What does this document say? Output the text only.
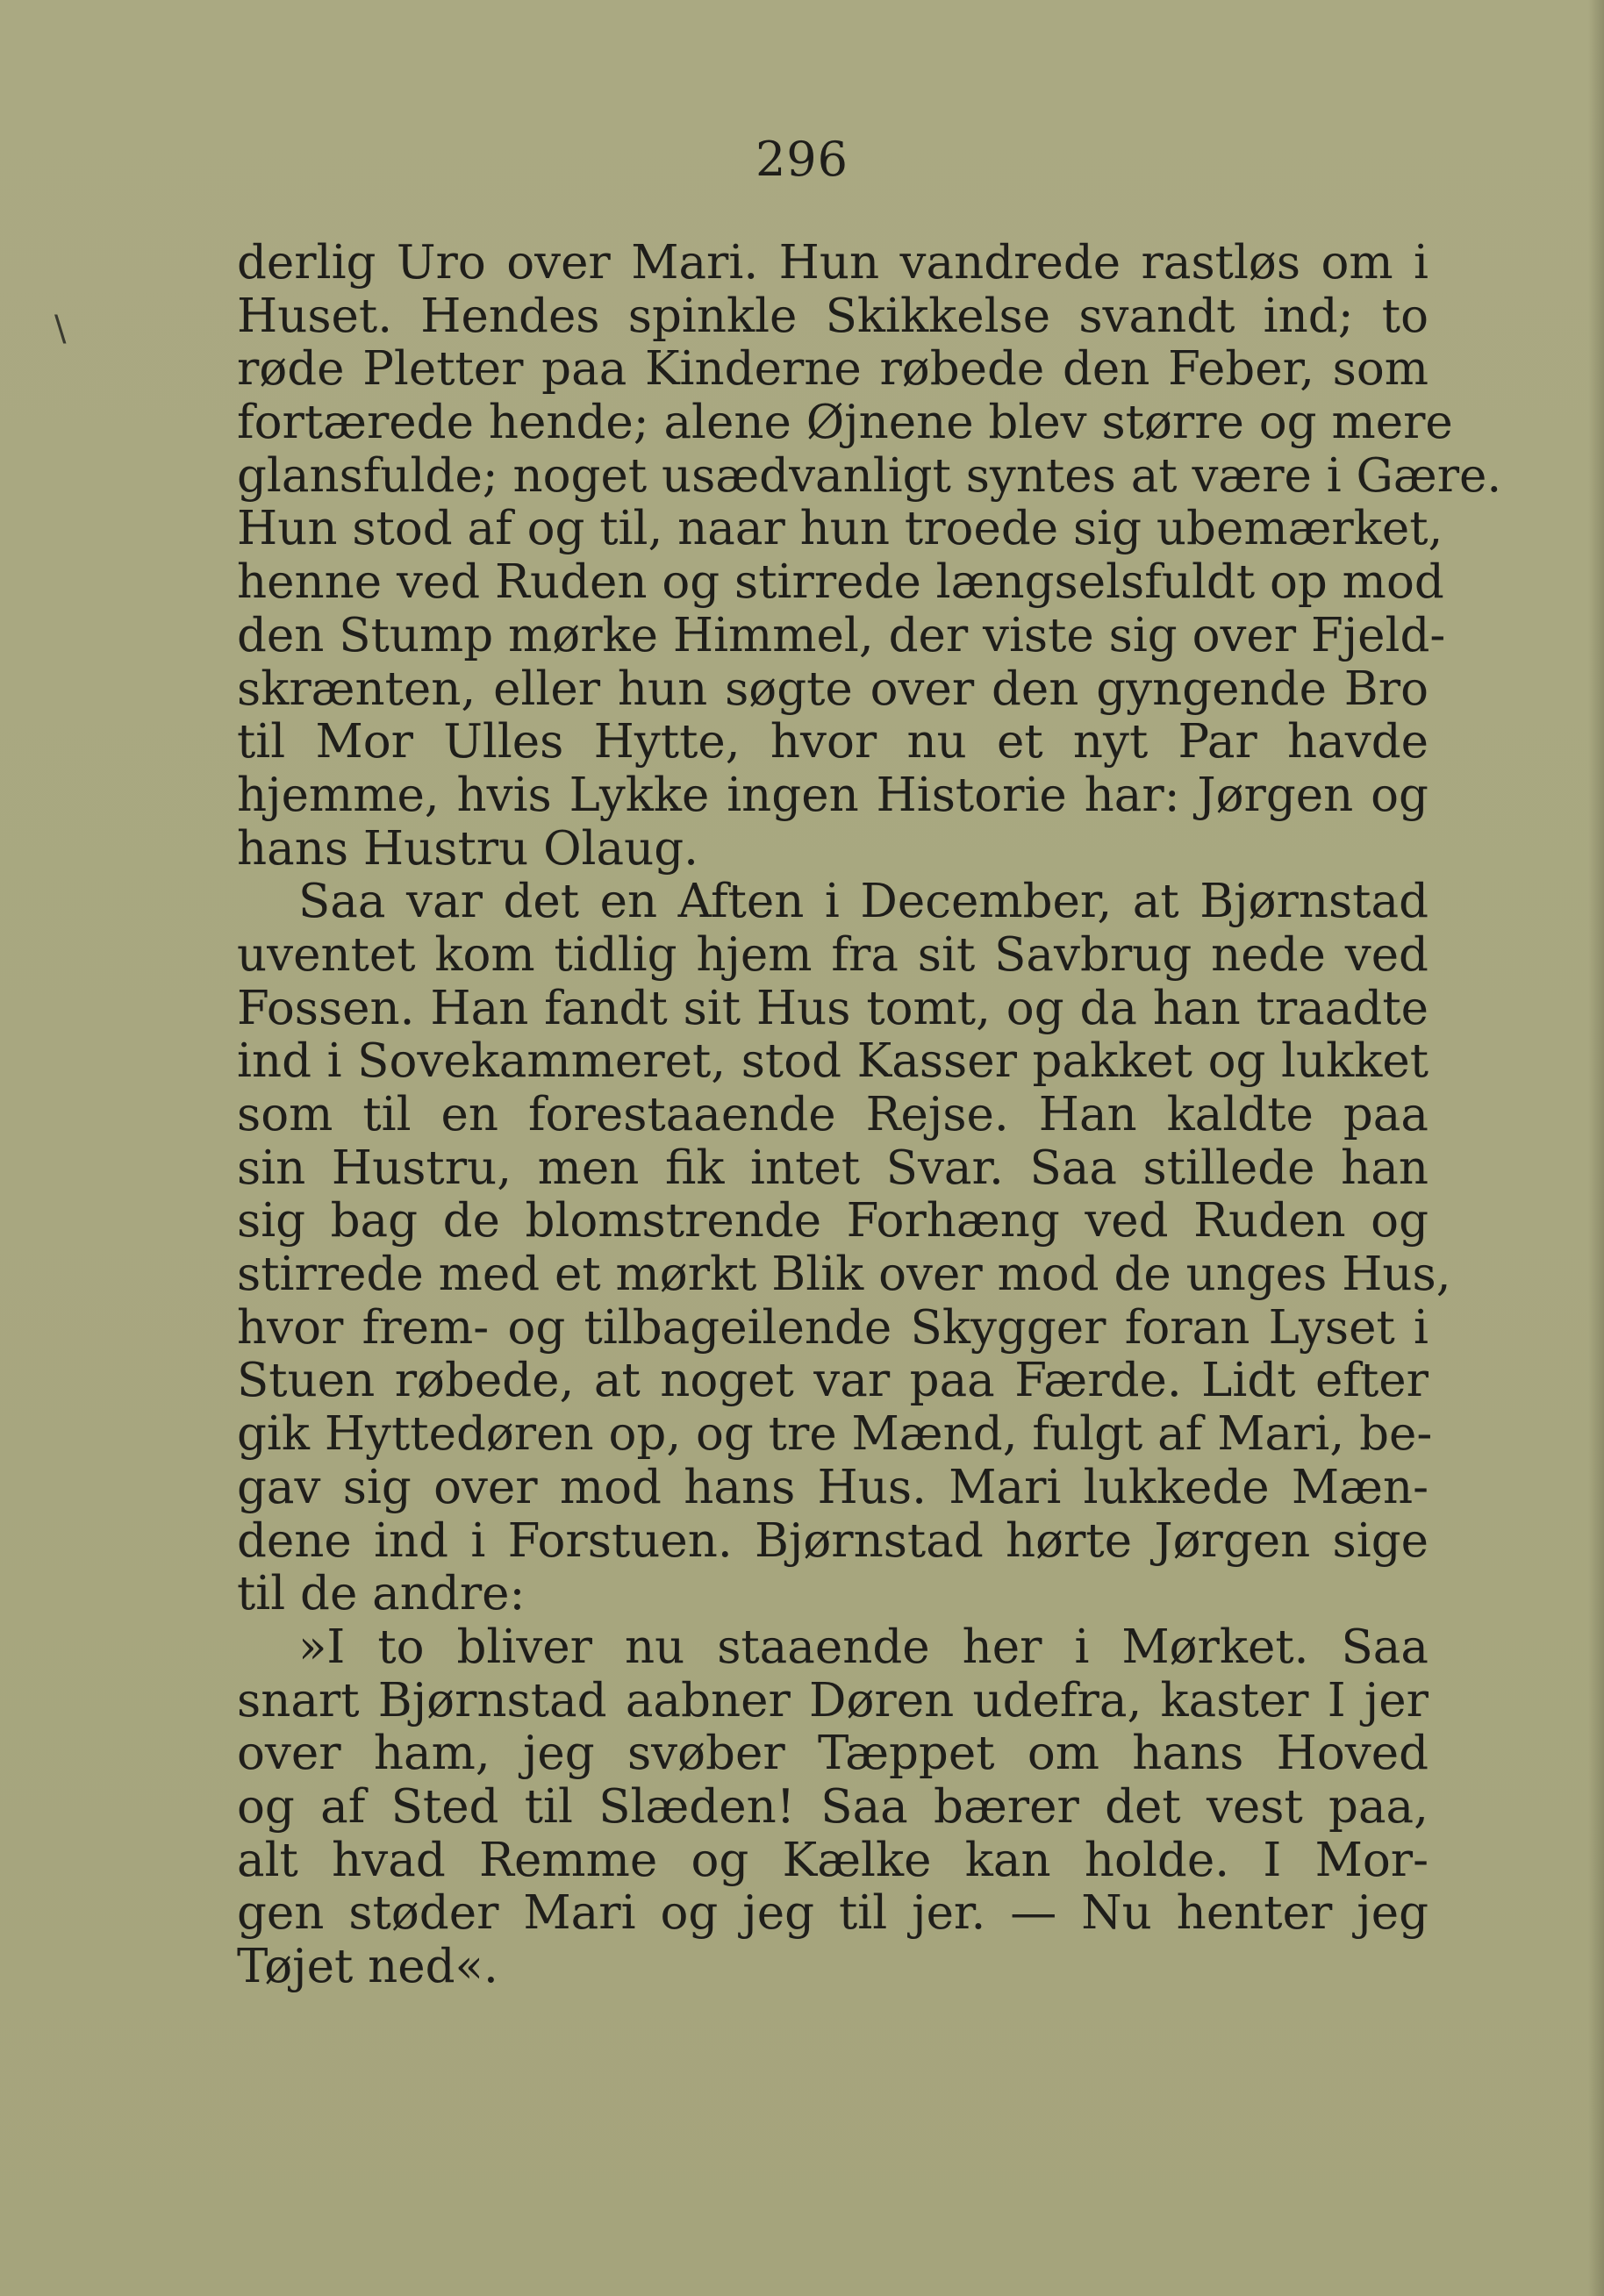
\
296
derlig Uro over Mari. Hun vandrede rastløs om i
Huset. Hendes spinkle Skikkelse svandt ind; to
røde Pletter paa Kinderne røbede den Feber, som
fortærede hende; alene Øjnene blev større og mere
glansfulde; noget usædvanligt syntes at være i Gære.
Hun stod af og til, naar hun troede sig ubemærket,
henne ved Ruden og stirrede længselsfuldt op mod
den Stump mørke Himmel, der viste sig over Fjeld-
skrænten, eller hun søgte over den gyngende Bro
til Mor Ulles Hytte, hvor nu et nyt Par havde
hjemme, hvis Lykke ingen Historie har: Jørgen og
hans Hustru Olaug.
Saa var det en Aften i December, at Bjørnstad
uventet kom tidlig hjem fra sit Savbrug nede ved
Fossen. Han fandt sit Hus tomt, og da han traadte
ind i Sovekammeret, stod Kasser pakket og lukket
som til en forestaaende Rejse. Han kaldte paa
sin Hustru, men fik intet Svar. Saa stillede han
sig bag de blomstrende Forhæng ved Ruden og
stirrede med et mørkt Blik over mod de unges Hus,
hvor frem- og tilbageilende Skygger foran Lyset i
Stuen røbede, at noget var paa Færde. Lidt efter
gik Hyttedøren op, og tre Mænd, fulgt af Mari, be-
gav sig over mod hans Hus. Mari lukkede Mæn-
dene ind i Forstuen. Bjørnstad hørte Jørgen sige
til de andre:
»I to bliver nu staaende her i Mørket. Saa
snart Bjørnstad aabner Døren udefra, kaster I jer
over ham, jeg svøber Tæppet om hans Hoved
og af Sted til Slæden! Saa bærer det vest paa,
alt hvad Remme og Kælke kan holde. I Mor-
gen støder Mari og jeg til jer. — Nu henter jeg
Tøjet ned«.
